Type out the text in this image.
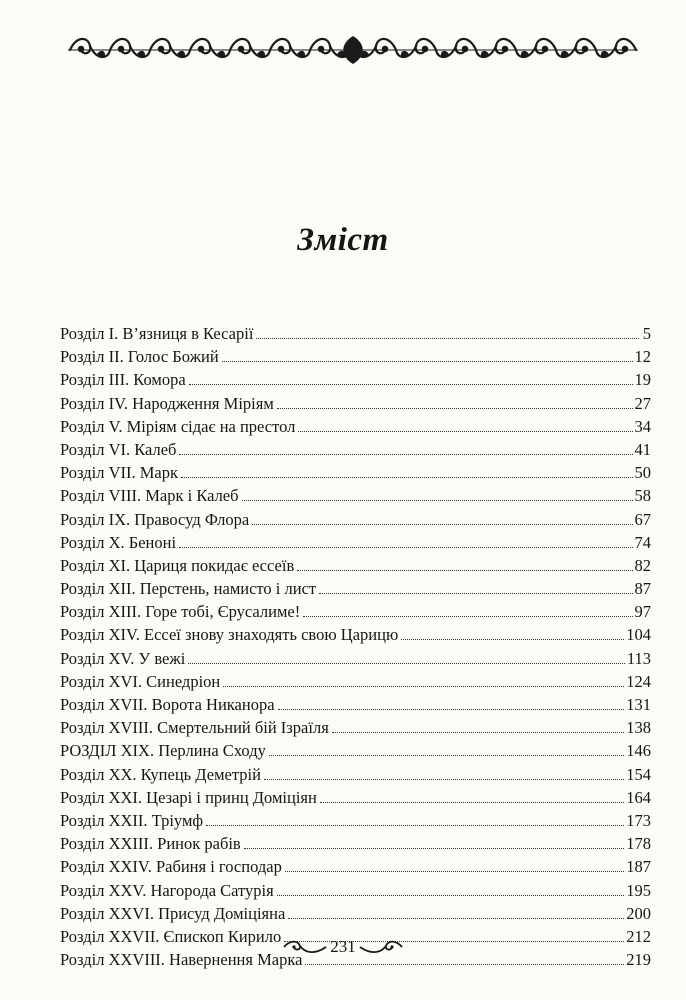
Зміст
Розділ I. В’язниця в Кесарії	5
Розділ II. Голос Божий	12
Розділ III. Комора	19
Розділ IV. Народження Міріям	27
Розділ V. Міріям сідає на престол	34
Розділ VI. Калеб	41
Розділ VII. Марк	50
Розділ VIII. Марк і Калеб	58
Розділ IX. Правосуд Флора	67
Розділ X. Беноні	74
Розділ XI. Цариця покидає ессеїв	82
Розділ XII. Перстень, намисто і лист	87
Розділ XIII. Горе тобі, Єрусалиме!	97
Розділ XIV. Ессеї знову знаходять свою Царицю	104
Розділ XV. У вежі	113
Розділ XVI. Синедріон	124
Розділ XVII. Ворота Никанора	131
Розділ XVIII. Смертельний бій Ізраїля	138
РОЗДІЛ XIX. Перлина Сходу	146
Розділ XX. Купець Деметрій	154
Розділ XXI. Цезарі і принц Доміціян	164
Розділ XXII. Тріумф	173
Розділ XXIII. Ринок рабів	178
Розділ XXIV. Рабиня і господар	187
Розділ XXV. Нагорода Сатурія	195
Розділ XXVI. Присуд Доміціяна	200
Розділ XXVII. Єпископ Кирило	212
Розділ XXVIII. Навернення Марка	219
231
